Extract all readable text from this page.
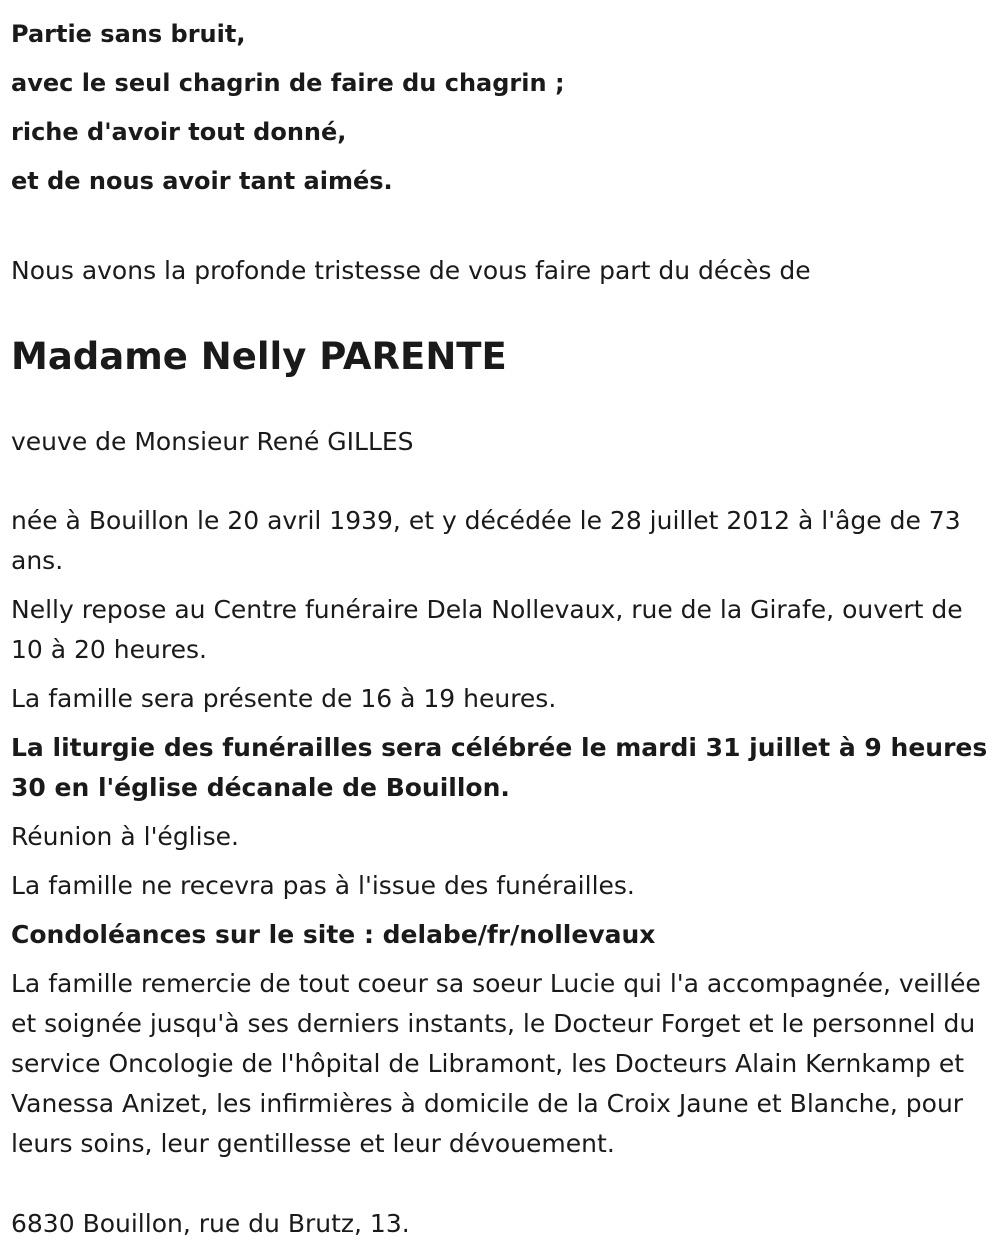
Partie sans bruit,
avec le seul chagrin de faire du chagrin ;
riche d'avoir tout donné,
et de nous avoir tant aimés.

Nous avons la profonde tristesse de vous faire part du décès de

Madame Nelly PARENTE

veuve de Monsieur René GILLES

née à Bouillon le 20 avril 1939, et y décédée le 28 juillet 2012 à l'âge de 73 ans.

Nelly repose au Centre funéraire Dela Nollevaux, rue de la Girafe, ouvert de 10 à 20 heures.

La famille sera présente de 16 à 19 heures.

La liturgie des funérailles sera célébrée le mardi 31 juillet à 9 heures 30 en l'église décanale de Bouillon.

Réunion à l'église.

La famille ne recevra pas à l'issue des funérailles.

Condoléances sur le site : delabe/fr/nollevaux

La famille remercie de tout coeur sa soeur Lucie qui l'a accompagnée, veillée et soignée jusqu'à ses derniers instants, le Docteur Forget et le personnel du service Oncologie de l'hôpital de Libramont, les Docteurs Alain Kernkamp et Vanessa Anizet, les infirmières à domicile de la Croix Jaune et Blanche, pour leurs soins, leur gentillesse et leur dévouement.

6830 Bouillon, rue du Brutz, 13.
